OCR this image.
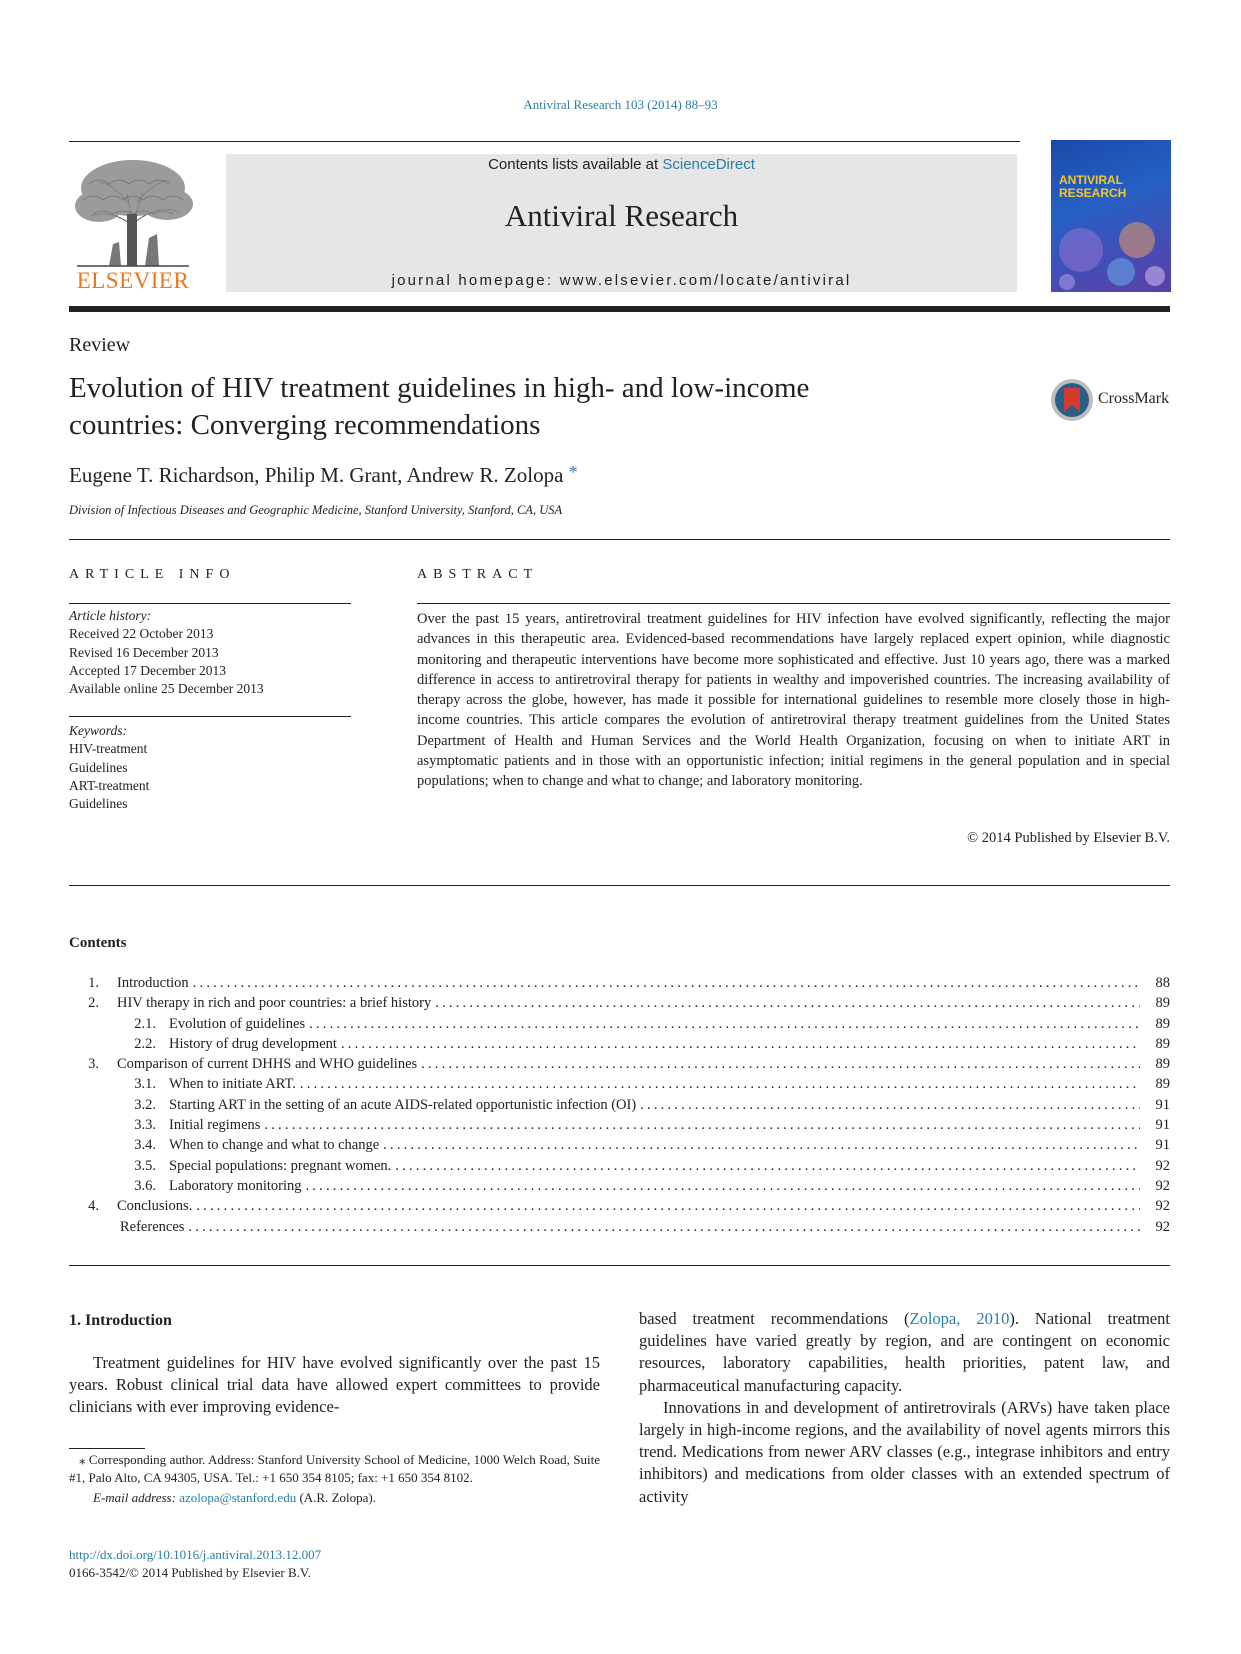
Antiviral Research 103 (2014) 88–93
ELSEVIER
Contents lists available at ScienceDirect
Antiviral Research
journal homepage: www.elsevier.com/locate/antiviral
ANTIVIRAL
RESEARCH
Review
Evolution of HIV treatment guidelines in high- and low-income
countries: Converging recommendations
CrossMark
Eugene T. Richardson, Philip M. Grant, Andrew R. Zolopa *
Division of Infectious Diseases and Geographic Medicine, Stanford University, Stanford, CA, USA
ARTICLE INFO
Article history:
Received 22 October 2013
Revised 16 December 2013
Accepted 17 December 2013
Available online 25 December 2013
Keywords:
HIV-treatment
Guidelines
ART-treatment
Guidelines
ABSTRACT
Over the past 15 years, antiretroviral treatment guidelines for HIV infection have evolved significantly, reflecting the major advances in this therapeutic area. Evidenced-based recommendations have largely replaced expert opinion, while diagnostic monitoring and therapeutic interventions have become more sophisticated and effective. Just 10 years ago, there was a marked difference in access to antiretroviral therapy for patients in wealthy and impoverished countries. The increasing availability of therapy across the globe, however, has made it possible for international guidelines to resemble more closely those in high-income countries. This article compares the evolution of antiretroviral therapy treatment guidelines from the United States Department of Health and Human Services and the World Health Organization, focusing on when to initiate ART in asymptomatic patients and in those with an opportunistic infection; initial regimens in the general population and in special populations; when to change and what to change; and laboratory monitoring.
© 2014 Published by Elsevier B.V.
Contents
1.	Introduction .....	88
2.	HIV therapy in rich and poor countries: a brief history .....	89
2.1. Evolution of guidelines .....	89
2.2. History of drug development .....	89
3.	Comparison of current DHHS and WHO guidelines .....	89
3.1. When to initiate ART. .....	89
3.2. Starting ART in the setting of an acute AIDS-related opportunistic infection (OI) .....	91
3.3. Initial regimens .....	91
3.4. When to change and what to change .....	91
3.5. Special populations: pregnant women. .....	92
3.6. Laboratory monitoring .....	92
4.	Conclusions. .....	92
References .....	92
1. Introduction

Treatment guidelines for HIV have evolved significantly over the past 15 years. Robust clinical trial data have allowed expert committees to provide clinicians with ever improving evidence-

based treatment recommendations (Zolopa, 2010). National treatment guidelines have varied greatly by region, and are contingent on economic resources, laboratory capabilities, health priorities, patent law, and pharmaceutical manufacturing capacity.

Innovations in and development of antiretrovirals (ARVs) have taken place largely in high-income regions, and the availability of novel agents mirrors this trend. Medications from newer ARV classes (e.g., integrase inhibitors and entry inhibitors) and medications from older classes with an extended spectrum of activity

⁎ Corresponding author. Address: Stanford University School of Medicine, 1000 Welch Road, Suite #1, Palo Alto, CA 94305, USA. Tel.: +1 650 354 8105; fax: +1 650 354 8102.
E-mail address: azolopa@stanford.edu (A.R. Zolopa).
http://dx.doi.org/10.1016/j.antiviral.2013.12.007
0166-3542/© 2014 Published by Elsevier B.V.
